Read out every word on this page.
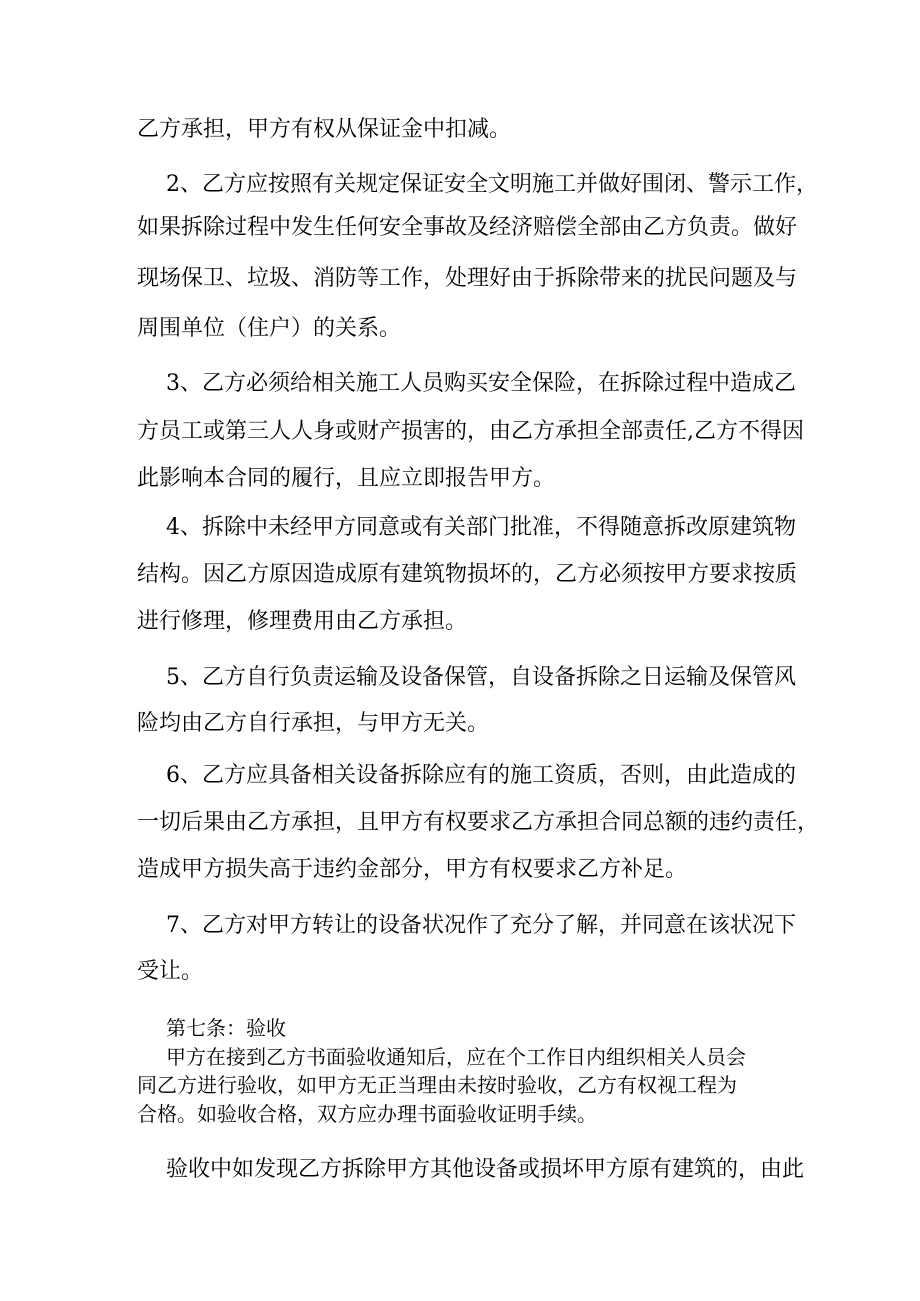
乙方承担，甲方有权从保证金中扣减。
2、乙方应按照有关规定保证安全文明施工并做好围闭、警示工作，
如果拆除过程中发生任何安全事故及经济赔偿全部由乙方负责。做好
现场保卫、垃圾、消防等工作，处理好由于拆除带来的扰民问题及与
周围单位（住户）的关系。
3、乙方必须给相关施工人员购买安全保险，在拆除过程中造成乙
方员工或第三人人身或财产损害的，由乙方承担全部责任,乙方不得因
此影响本合同的履行，且应立即报告甲方。
4、拆除中未经甲方同意或有关部门批准，不得随意拆改原建筑物
结构。因乙方原因造成原有建筑物损坏的，乙方必须按甲方要求按质
进行修理，修理费用由乙方承担。
5、乙方自行负责运输及设备保管，自设备拆除之日运输及保管风
险均由乙方自行承担，与甲方无关。
6、乙方应具备相关设备拆除应有的施工资质，否则，由此造成的
一切后果由乙方承担，且甲方有权要求乙方承担合同总额的违约责任，
造成甲方损失高于违约金部分，甲方有权要求乙方补足。
7、乙方对甲方转让的设备状况作了充分了解，并同意在该状况下
受让。
第七条：验收
甲方在接到乙方书面验收通知后，应在个工作日内组织相关人员会
同乙方进行验收，如甲方无正当理由未按时验收，乙方有权视工程为
合格。如验收合格，双方应办理书面验收证明手续。
验收中如发现乙方拆除甲方其他设备或损坏甲方原有建筑的，由此
